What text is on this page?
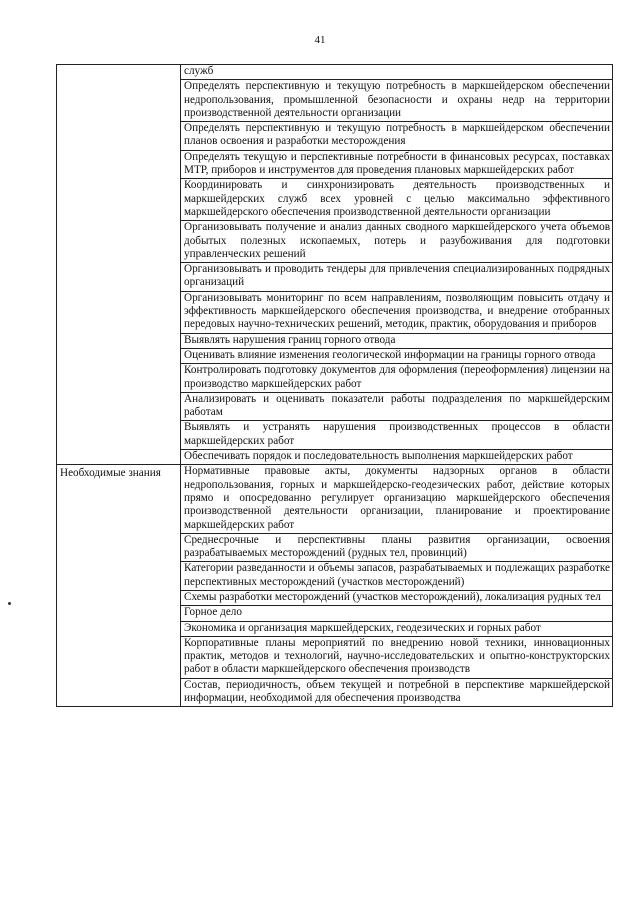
41
	служб
	Определять перспективную и текущую потребность в маркшейдерском обеспечении недропользования, промышленной безопасности и охраны недр на территории производственной деятельности организации
	Определять перспективную и текущую потребность в маркшейдерском обеспечении планов освоения и разработки месторождения
	Определять текущую и перспективные потребности в финансовых ресурсах, поставках МТР, приборов и инструментов для проведения плановых маркшейдерских работ
	Координировать и синхронизировать деятельность производственных и маркшейдерских служб всех уровней с целью максимально эффективного маркшейдерского обеспечения производственной деятельности организации
	Организовывать получение и анализ данных сводного маркшейдерского учета объемов добытых полезных ископаемых, потерь и разубоживания для подготовки управленческих решений
	Организовывать и проводить тендеры для привлечения специализированных подрядных организаций
	Организовывать мониторинг по всем направлениям, позволяющим повысить отдачу и эффективность маркшейдерского обеспечения производства, и внедрение отобранных передовых научно-технических решений, методик, практик, оборудования и приборов
	Выявлять нарушения границ горного отвода
	Оценивать влияние изменения геологической информации на границы горного отвода
	Контролировать подготовку документов для оформления (переоформления) лицензии на производство маркшейдерских работ
	Анализировать и оценивать показатели работы подразделения по маркшейдерским работам
	Выявлять и устранять нарушения производственных процессов в области маркшейдерских работ
	Обеспечивать порядок и последовательность выполнения маркшейдерских работ
Необходимые знания	Нормативные правовые акты, документы надзорных органов в области недропользования, горных и маркшейдерско-геодезических работ, действие которых прямо и опосредованно регулирует организацию маркшейдерского обеспечения производственной деятельности организации, планирование и проектирование маркшейдерских работ
	Среднесрочные и перспективны планы развития организации, освоения разрабатываемых месторождений (рудных тел, провинций)
	Категории разведанности и объемы запасов, разрабатываемых и подлежащих разработке перспективных месторождений (участков месторождений)
	Схемы разработки месторождений (участков месторождений), локализация рудных тел
	Горное дело
	Экономика и организация маркшейдерских, геодезических и горных работ
	Корпоративные планы мероприятий по внедрению новой техники, инновационных практик, методов и технологий, научно-исследовательских и опытно-конструкторских работ в области маркшейдерского обеспечения производств
	Состав, периодичность, объем текущей и потребной в перспективе маркшейдерской информации, необходимой для обеспечения производства
